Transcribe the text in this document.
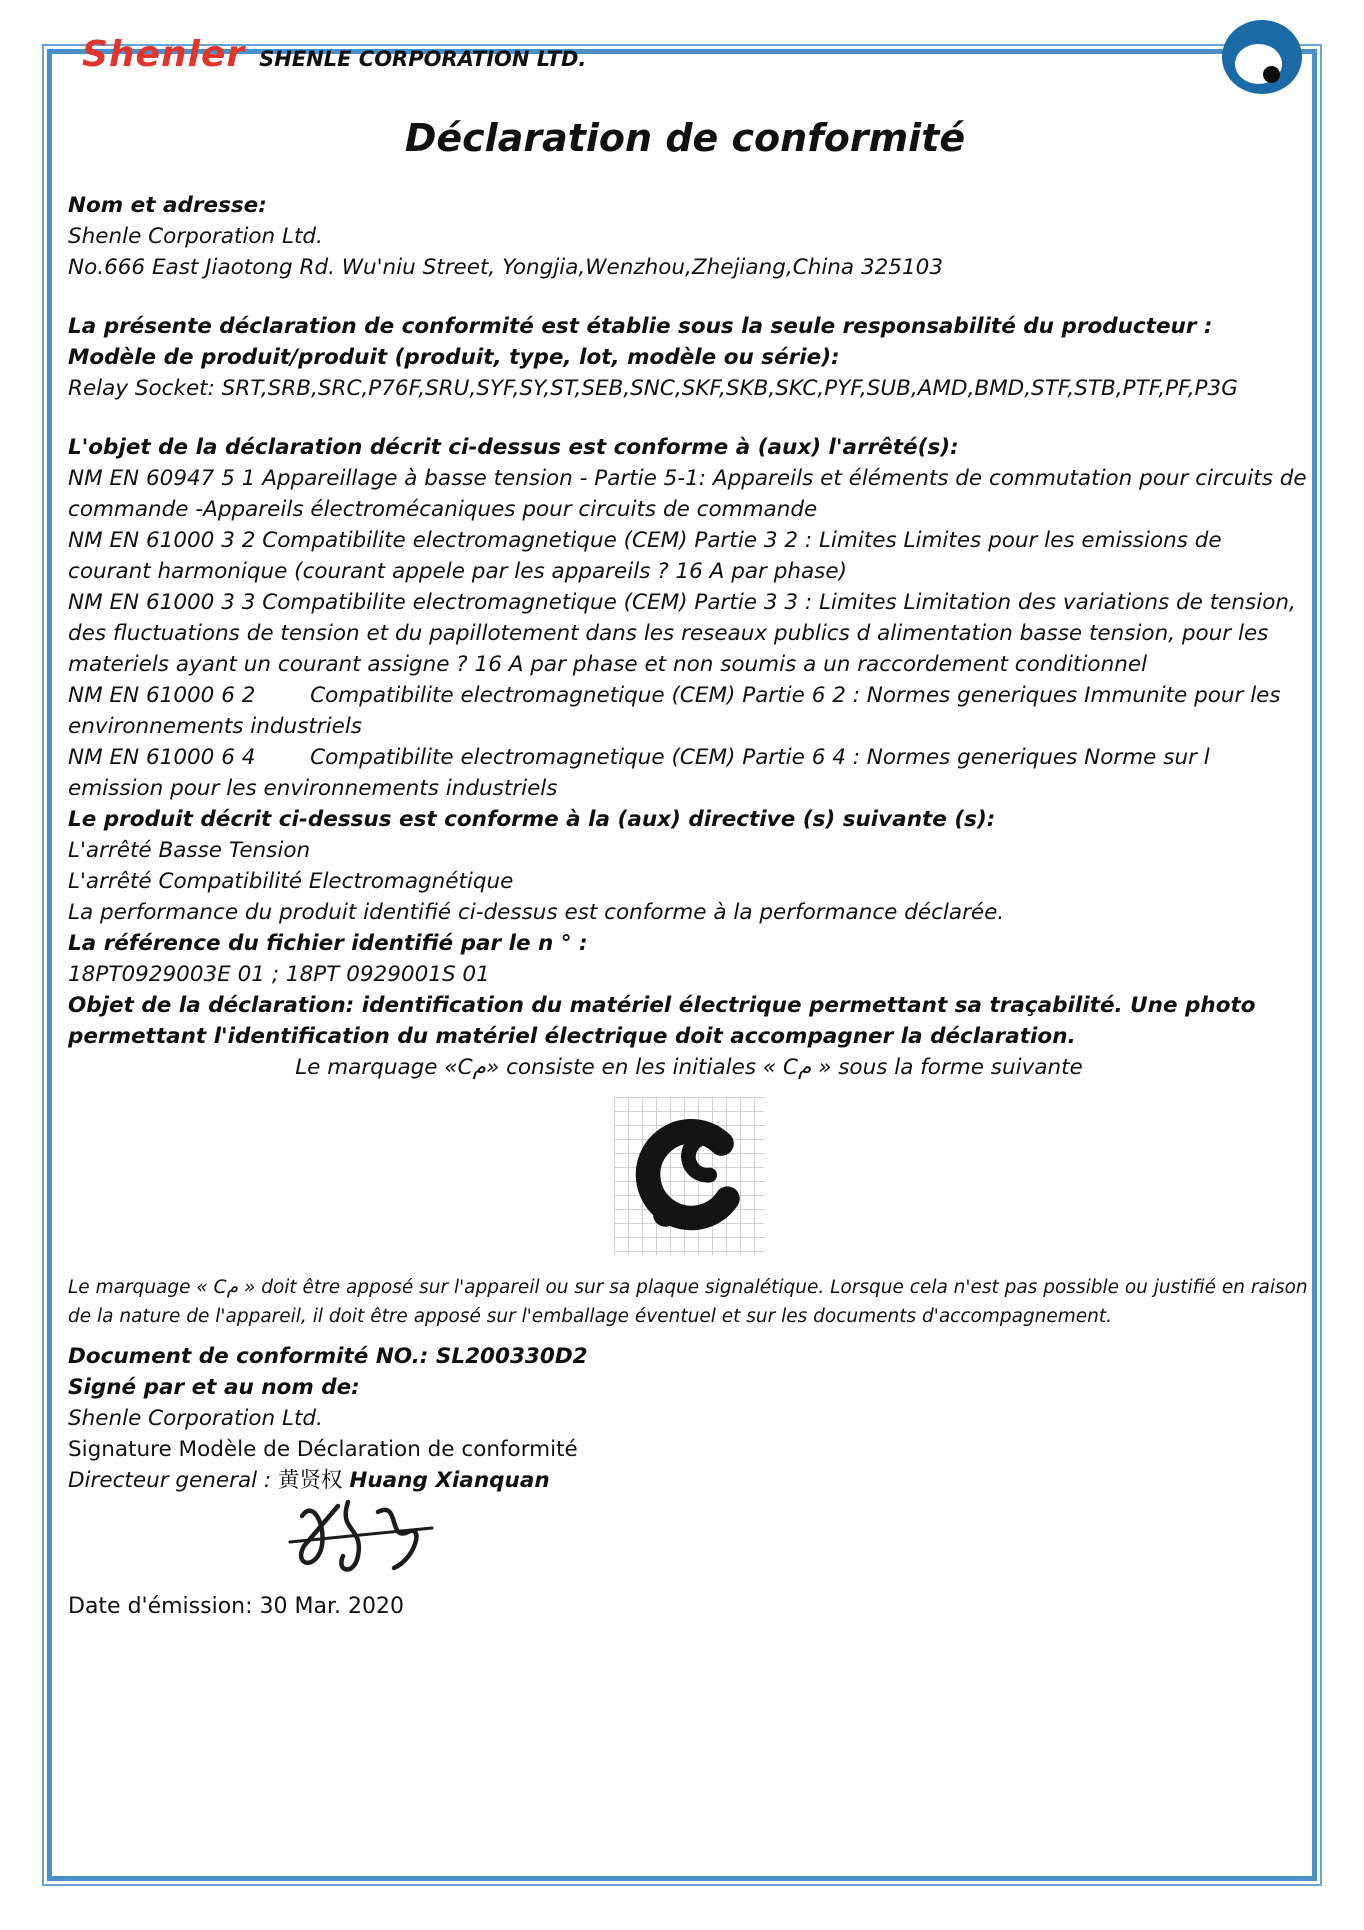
Shenler SHENLE CORPORATION LTD.
Déclaration de conformité

Nom et adresse:

Shenle Corporation Ltd.

No.666 East Jiaotong Rd. Wu'niu Street, Yongjia,Wenzhou,Zhejiang,China 325103

La présente déclaration de conformité est établie sous la seule responsabilité du producteur :

Modèle de produit/produit (produit, type, lot, modèle ou série):

Relay Socket: SRT,SRB,SRC,P76F,SRU,SYF,SY,ST,SEB,SNC,SKF,SKB,SKC,PYF,SUB,AMD,BMD,STF,STB,PTF,PF,P3G

L'objet de la déclaration décrit ci-dessus est conforme à (aux) l'arrêté(s):

NM EN 60947 5 1 Appareillage à basse tension - Partie 5-1: Appareils et éléments de commutation pour circuits de commande -Appareils électromécaniques pour circuits de commande

NM EN 61000 3 2 Compatibilite electromagnetique (CEM) Partie 3 2 : Limites Limites pour les emissions de courant harmonique (courant appele par les appareils ? 16 A par phase)

NM EN 61000 3 3 Compatibilite electromagnetique (CEM) Partie 3 3 : Limites Limitation des variations de tension, des fluctuations de tension et du papillotement dans les reseaux publics d alimentation basse tension, pour les materiels ayant un courant assigne ? 16 A par phase et non soumis a un raccordement conditionnel

NM EN 61000 6 2        Compatibilite electromagnetique (CEM) Partie 6 2 : Normes generiques Immunite pour les environnements industriels

NM EN 61000 6 4        Compatibilite electromagnetique (CEM) Partie 6 4 : Normes generiques Norme sur l emission pour les environnements industriels

Le produit décrit ci-dessus est conforme à la (aux) directive (s) suivante (s):

L'arrêté Basse Tension

L'arrêté Compatibilité Electromagnétique

La performance du produit identifié ci-dessus est conforme à la performance déclarée.

La référence du fichier identifié par le n ° :

18PT0929003E 01 ; 18PT 0929001S 01

Objet de la déclaration: identification du matériel électrique permettant sa traçabilité. Une photo permettant l'identification du matériel électrique doit accompagner la déclaration.

Le marquage «Cم» consiste en les initiales « Cم » sous la forme suivante

Le marquage « Cم » doit être apposé sur l'appareil ou sur sa plaque signalétique. Lorsque cela n'est pas possible ou justifié en raison de la nature de l'appareil, il doit être apposé sur l'emballage éventuel et sur les documents d'accompagnement.

Document de conformité NO.: SL200330D2

Signé par et au nom de:

Shenle Corporation Ltd.

Signature Modèle de Déclaration de conformité

Directeur general : 黄贤权 Huang Xianquan

Date d'émission: 30 Mar. 2020
